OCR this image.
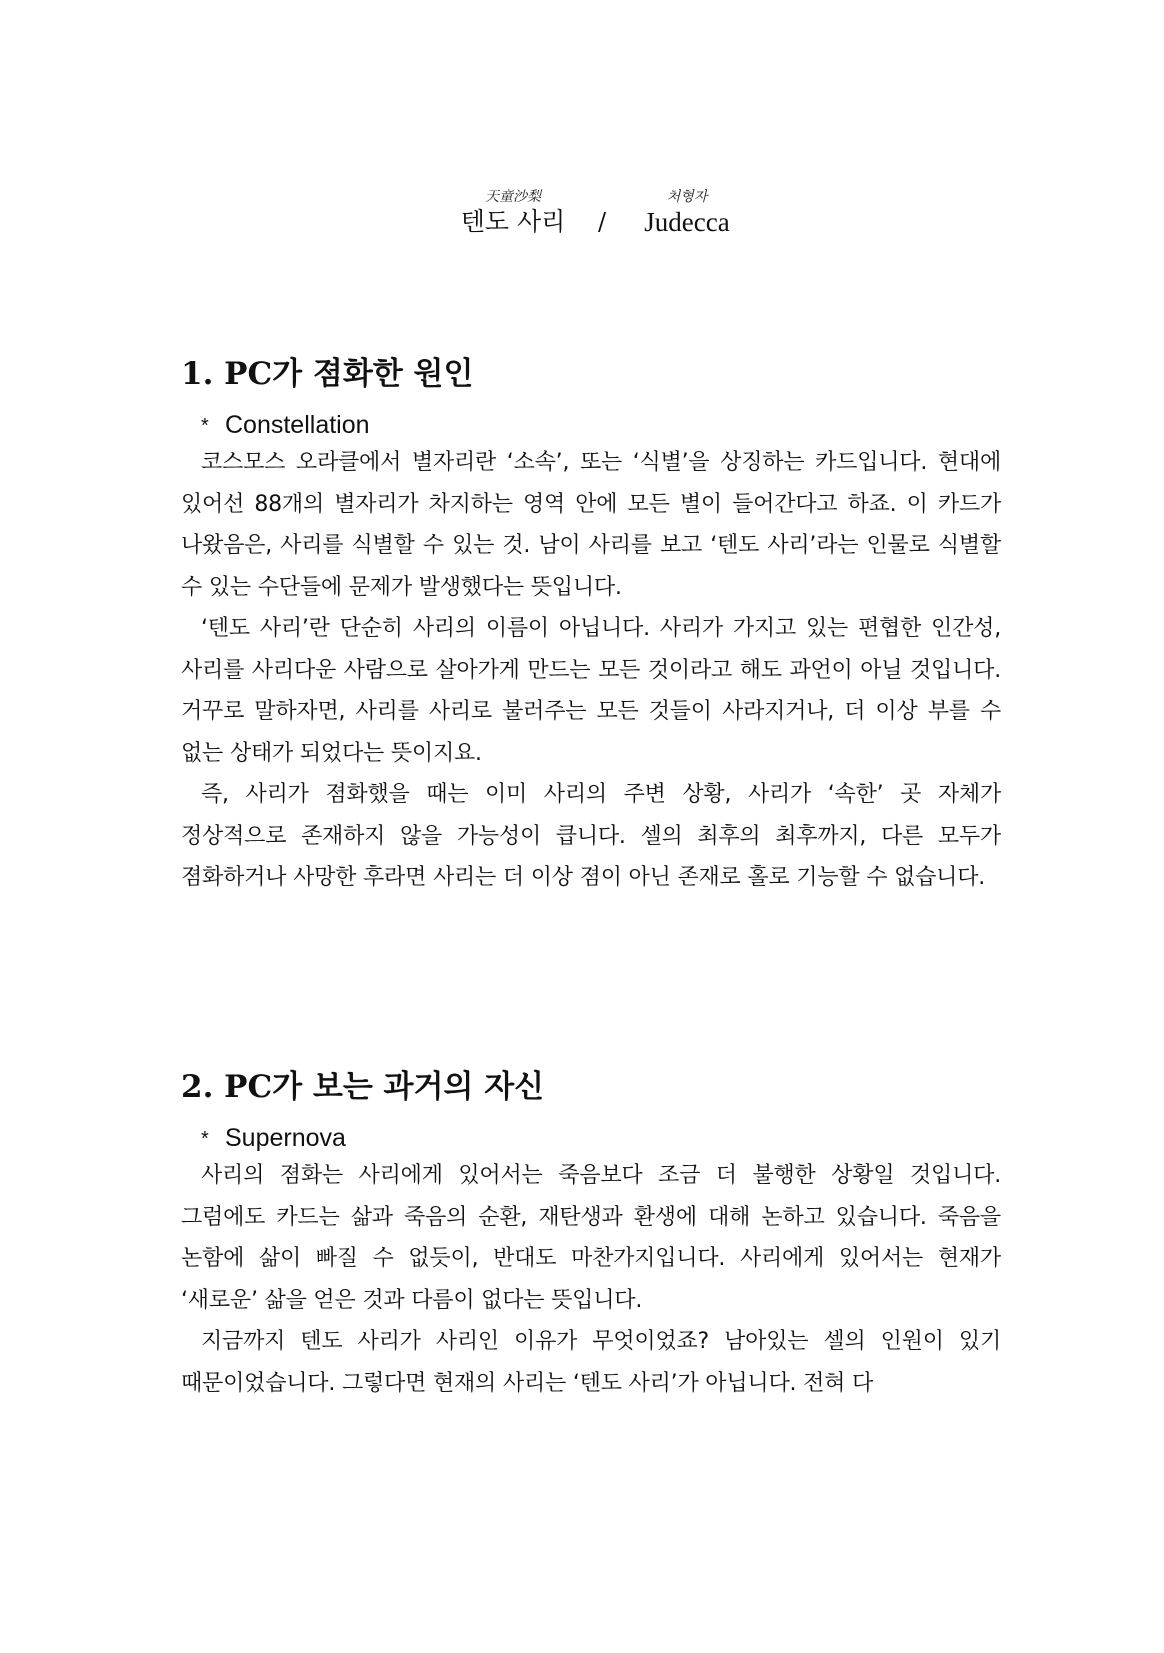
天童沙梨
텐도 사리	/
처형자
Judecca
1. PC가 졈화한 원인
* Constellation

코스모스 오라클에서 별자리란 ‘소속’, 또는 ‘식별’을 상징하는 카드입니다. 현대에 있어선 88개의 별자리가 차지하는 영역 안에 모든 별이 들어간다고 하죠. 이 카드가 나왔음은, 사리를 식별할 수 있는 것. 남이 사리를 보고 ‘텐도 사리’라는 인물로 식별할 수 있는 수단들에 문제가 발생했다는 뜻입니다.

‘텐도 사리’란 단순히 사리의 이름이 아닙니다. 사리가 가지고 있는 편협한 인간성, 사리를 사리다운 사람으로 살아가게 만드는 모든 것이라고 해도 과언이 아닐 것입니다. 거꾸로 말하자면, 사리를 사리로 불러주는 모든 것들이 사라지거나, 더 이상 부를 수 없는 상태가 되었다는 뜻이지요.

즉, 사리가 졈화했을 때는 이미 사리의 주변 상황, 사리가 ‘속한’ 곳 자체가 정상적으로 존재하지 않을 가능성이 큽니다. 셀의 최후의 최후까지, 다른 모두가 졈화하거나 사망한 후라면 사리는 더 이상 졈이 아닌 존재로 홀로 기능할 수 없습니다.

2. PC가 보는 과거의 자신
* Supernova

사리의 졈화는 사리에게 있어서는 죽음보다 조금 더 불행한 상황일 것입니다. 그럼에도 카드는 삶과 죽음의 순환, 재탄생과 환생에 대해 논하고 있습니다. 죽음을 논함에 삶이 빠질 수 없듯이, 반대도 마찬가지입니다. 사리에게 있어서는 현재가 ‘새로운’ 삶을 얻은 것과 다름이 없다는 뜻입니다.

지금까지 텐도 사리가 사리인 이유가 무엇이었죠? 남아있는 셀의 인원이 있기 때문이었습니다. 그렇다면 현재의 사리는 ‘텐도 사리’가 아닙니다. 전혀 다
